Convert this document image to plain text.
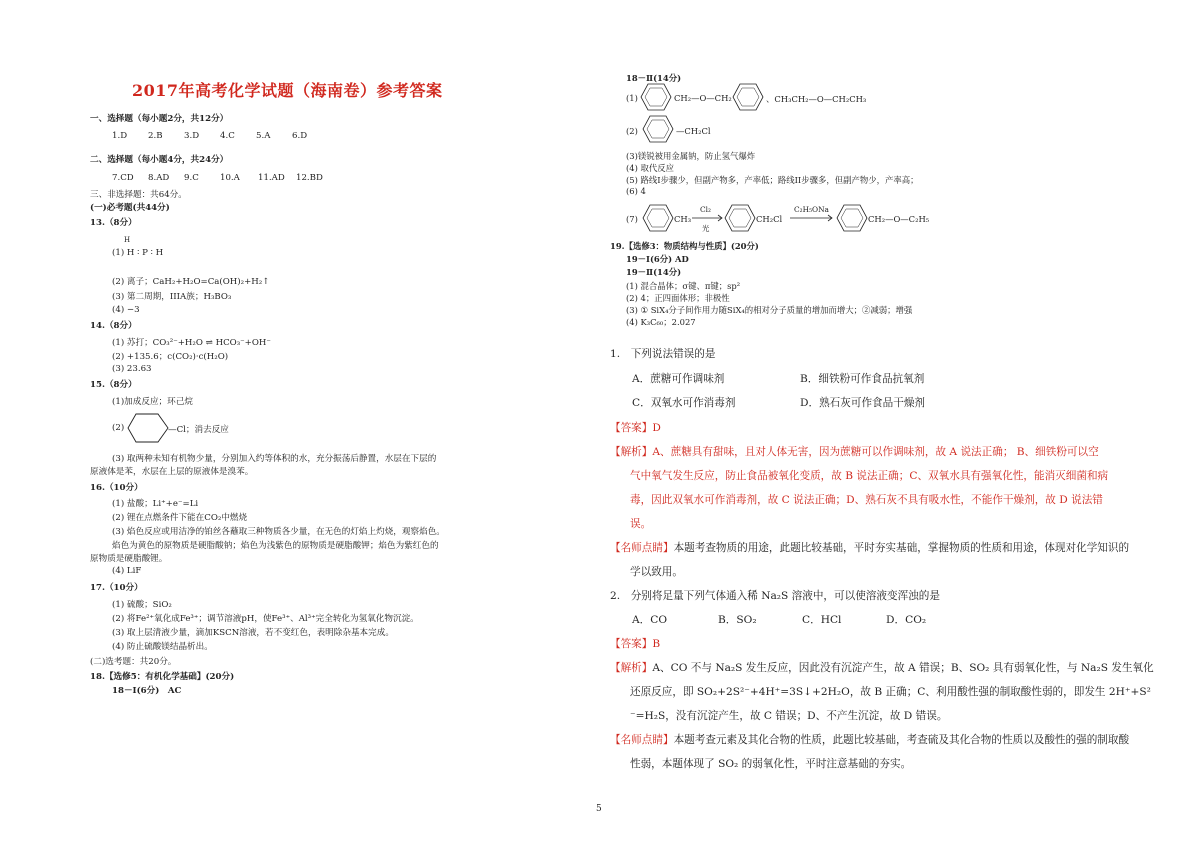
2017年高考化学试题（海南卷）参考答案
一、选择题（每小题2分，共12分）
1.D 2.B 3.D 4.C 5.A	6.D
二、选择题（每小题4分，共24分）
7.CD 8.AD 9.C 10.A 11.AD 12.BD
三、非选择题：共64分。
(一)必考题(共44分)
13.（8分）
H
(1) H ∶ P ∶ H
(2) 离子；CaH₂+H₂O=Ca(OH)₂+H₂↑
(3) 第二周期，IIIA族；H₃BO₃
(4) −3
14.（8分）
(1) 苏打；CO₃²⁻+H₂O ⇌ HCO₃⁻+OH⁻
(2) +135.6；c(CO₂)·c(H₂O)
(3) 23.63
15.（8分）
(1)加成反应；环己烷
(2)	—Cl；消去反应
(3) 取两种未知有机物少量，分别加入约等体积的水，充分振荡后静置，水层在下层的
原液体是苯，水层在上层的原液体是溴苯。
16.（10分）
(1) 盐酸；Li⁺+e⁻=Li
(2) 锂在点燃条件下能在CO₂中燃烧
(3) 焰色反应或用洁净的铂丝各蘸取三种物质各少量，在无色的灯焰上灼烧，观察焰色。
焰色为黄色的原物质是硬脂酸钠；焰色为浅紫色的原物质是硬脂酸钾；焰色为紫红色的
原物质是硬脂酸锂。
(4) LiF
17.（10分）
(1) 硫酸；SiO₂
(2) 将Fe²⁺氧化成Fe³⁺；调节溶液pH，使Fe³⁺、Al³⁺完全转化为氢氧化物沉淀。
(3) 取上层清液少量，滴加KSCN溶液，若不变红色，表明除杂基本完成。
(4) 防止硫酸镁结晶析出。
(二)选考题：共20分。
18.【选修5：有机化学基础】(20分)
18－Ⅰ(6分)　AC
18－Ⅱ(14分)
(1)	CH₂—O—CH₂	、CH₃CH₂—O—CH₂CH₃
(2)	—CH₂Cl
(3)镁锐被用金属钠，防止氢气爆炸
(4) 取代反应
(5) 路线I步骤少，但副产物多，产率低；路线II步骤多，但副产物少，产率高；
(6) 4
(7)	CH₃
Cl₂
光
CH₂Cl
C₂H₅ONa
CH₂—O—C₂H₅
19.【选修3：物质结构与性质】(20分)
19－Ⅰ(6分) AD
19－Ⅱ(14分)
(1) 混合晶体；σ键、π键；sp²
(2) 4；正四面体形；非极性
(3) ① SiX₄分子间作用力随SiX₄的相对分子质量的增加而增大；②减弱；增强
(4) K₃C₆₀；2.027
1.　下列说法错误的是
A．蔗糖可作调味剂	B．细铁粉可作食品抗氧剂
C．双氧水可作消毒剂	D．熟石灰可作食品干燥剂
【答案】D
【解析】A、蔗糖具有甜味，且对人体无害，因为蔗糖可以作调味剂，故 A 说法正确； B、细铁粉可以空
气中氧气发生反应，防止食品被氧化变质，故 B 说法正确；C、双氧水具有强氧化性，能消灭细菌和病
毒，因此双氧水可作消毒剂，故 C 说法正确；D、熟石灰不具有吸水性，不能作干燥剂，故 D 说法错
误。
【名师点睛】本题考查物质的用途，此题比较基础，平时夯实基础，掌握物质的性质和用途，体现对化学知识的
学以致用。
2.　分别将足量下列气体通入稀 Na₂S 溶液中，可以使溶液变浑浊的是
A．CO	B．SO₂	C．HCl	D．CO₂
【答案】B
【解析】A、CO 不与 Na₂S 发生反应，因此没有沉淀产生，故 A 错误；B、SO₂ 具有弱氧化性，与 Na₂S 发生氧化
还原反应，即 SO₂+2S²⁻+4H⁺=3S↓+2H₂O，故 B 正确；C、利用酸性强的制取酸性弱的，即发生 2H⁺+S²
⁻=H₂S，没有沉淀产生，故 C 错误；D、不产生沉淀，故 D 错误。
【名师点睛】本题考查元素及其化合物的性质，此题比较基础，考查硫及其化合物的性质以及酸性的强的制取酸
性弱，本题体现了 SO₂ 的弱氧化性，平时注意基础的夯实。
5
